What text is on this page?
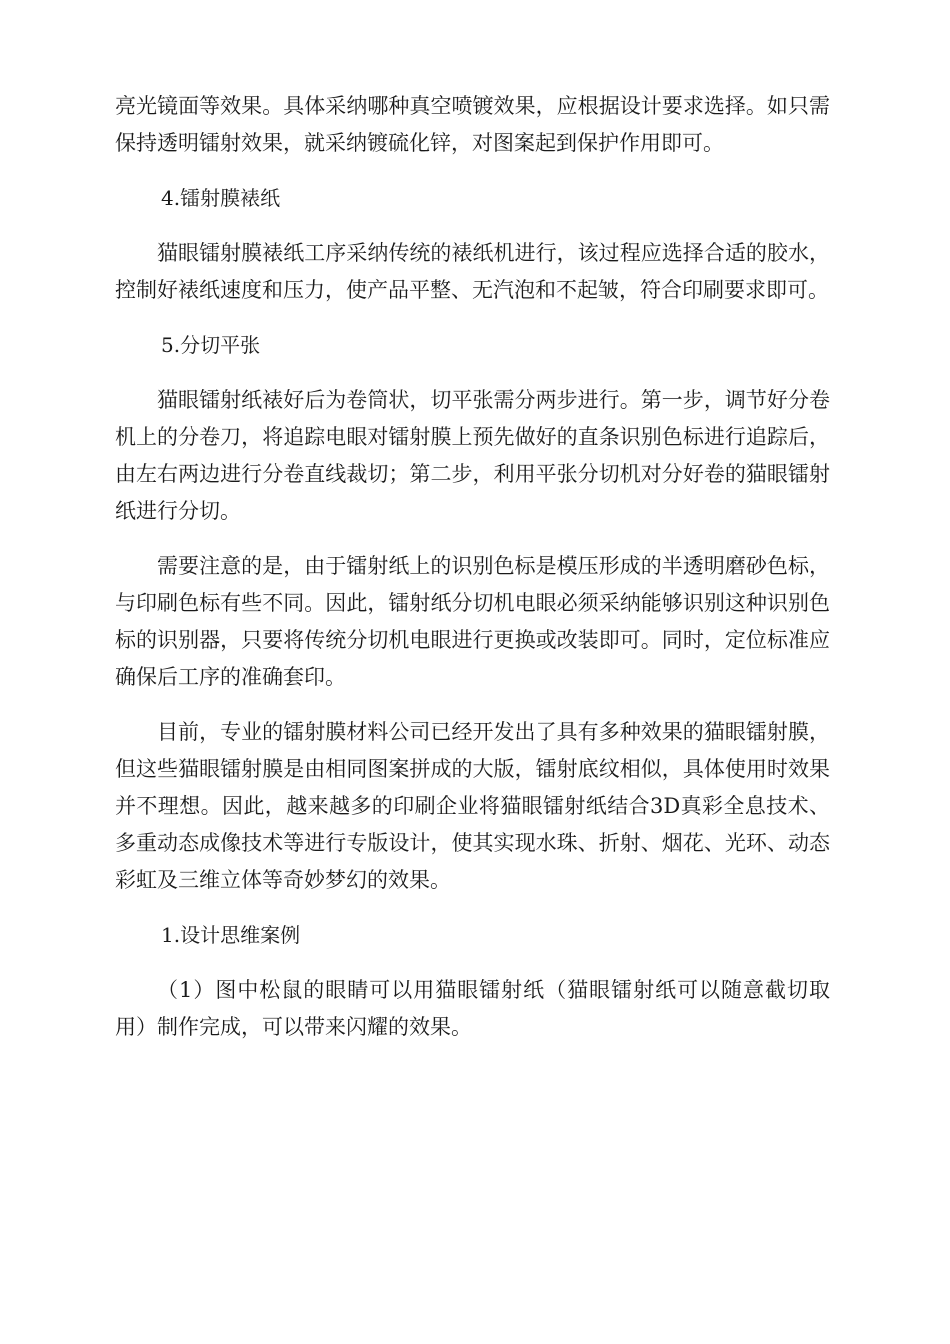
亮光镜面等效果。具体采纳哪种真空喷镀效果，应根据设计要求选择。如只需保持透明镭射效果，就采纳镀硫化锌，对图案起到保护作用即可。

4.镭射膜裱纸

猫眼镭射膜裱纸工序采纳传统的裱纸机进行，该过程应选择合适的胶水，控制好裱纸速度和压力，使产品平整、无汽泡和不起皱，符合印刷要求即可。

5.分切平张

猫眼镭射纸裱好后为卷筒状，切平张需分两步进行。第一步，调节好分卷机上的分卷刀，将追踪电眼对镭射膜上预先做好的直条识别色标进行追踪后，由左右两边进行分卷直线裁切；第二步，利用平张分切机对分好卷的猫眼镭射纸进行分切。

需要注意的是，由于镭射纸上的识别色标是模压形成的半透明磨砂色标，与印刷色标有些不同。因此，镭射纸分切机电眼必须采纳能够识别这种识别色标的识别器，只要将传统分切机电眼进行更换或改装即可。同时，定位标准应确保后工序的准确套印。

目前，专业的镭射膜材料公司已经开发出了具有多种效果的猫眼镭射膜，但这些猫眼镭射膜是由相同图案拼成的大版，镭射底纹相似，具体使用时效果并不理想。因此，越来越多的印刷企业将猫眼镭射纸结合3D真彩全息技术、多重动态成像技术等进行专版设计，使其实现水珠、折射、烟花、光环、动态彩虹及三维立体等奇妙梦幻的效果。

1.设计思维案例

（1）图中松鼠的眼睛可以用猫眼镭射纸（猫眼镭射纸可以随意截切取用）制作完成，可以带来闪耀的效果。
